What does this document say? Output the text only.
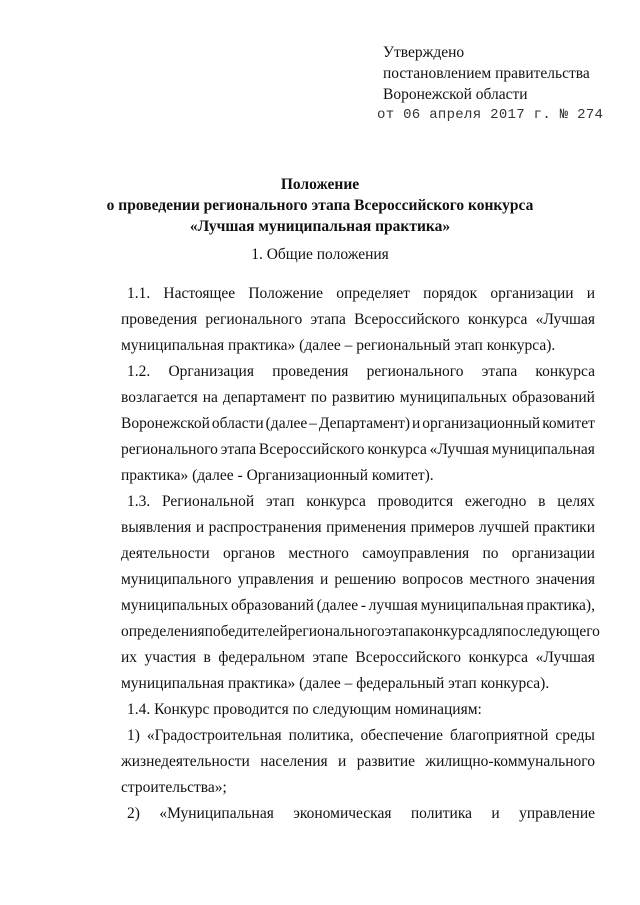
Утверждено
постановлением правительства
Воронежской области
от 06 апреля 2017 г. № 274
Положение
о проведении регионального этапа Всероссийского конкурса
«Лучшая муниципальная практика»
1. Общие положения
1.1. Настоящее Положение определяет порядок организации и
проведения регионального этапа Всероссийского конкурса «Лучшая
муниципальная практика» (далее – региональный этап конкурса).
1.2. Организация проведения регионального этапа конкурса
возлагается на департамент по развитию муниципальных образований
Воронежской области (далее – Департамент) и организационный комитет
регионального этапа Всероссийского конкурса «Лучшая муниципальная
практика» (далее - Организационный комитет).
1.3. Региональной этап конкурса проводится ежегодно в целях
выявления и распространения применения примеров лучшей практики
деятельности органов местного самоуправления по организации
муниципального управления и решению вопросов местного значения
муниципальных образований (далее - лучшая муниципальная практика),
определения победителей регионального этапа конкурса для последующего
их участия в федеральном этапе Всероссийского конкурса «Лучшая
муниципальная практика» (далее – федеральный этап конкурса).
1.4. Конкурс проводится по следующим номинациям:
1) «Градостроительная политика, обеспечение благоприятной среды
жизнедеятельности населения и развитие жилищно-коммунального
строительства»;
2) «Муниципальная экономическая политика и управление
